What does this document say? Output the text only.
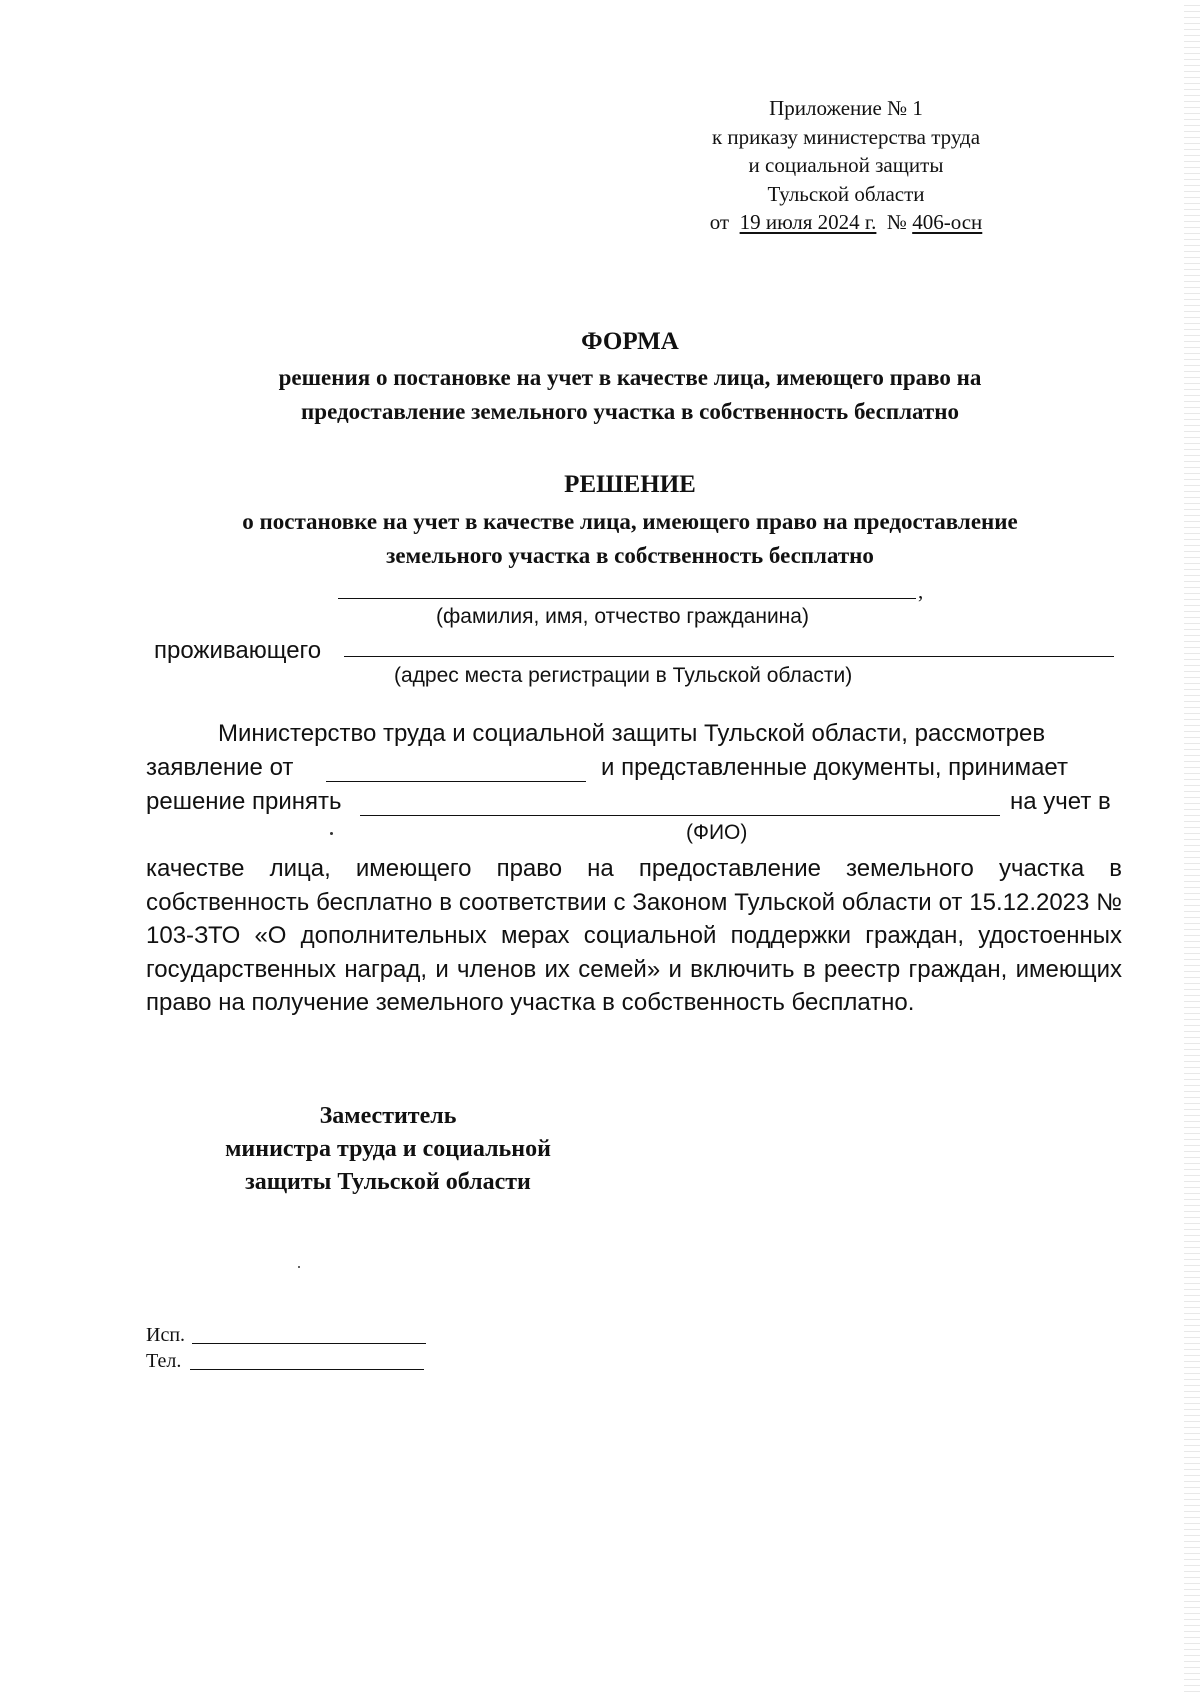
Приложение № 1
к приказу министерства труда
и социальной защиты
Тульской области
от 19 июля 2024 г. № 406-осн
ФОРМА
решения о постановке на учет в качестве лица, имеющего право на
предоставление земельного участка в собственность бесплатно
РЕШЕНИЕ
о постановке на учет в качестве лица, имеющего право на предоставление
земельного участка в собственность бесплатно
,
(фамилия, имя, отчество гражданина)
проживающего
(адрес места регистрации в Тульской области)
Министерство труда и социальной защиты Тульской области, рассмотрев
заявление от	и представленные документы, принимает
решение принять	на учет в
(ФИО)
качестве лица, имеющего право на предоставление земельного участка в собственность бесплатно в соответствии с Законом Тульской области от 15.12.2023 № 103-ЗТО «О дополнительных мерах социальной поддержки граждан, удостоенных государственных наград, и членов их семей» и включить в реестр граждан, имеющих право на получение земельного участка в собственность бесплатно.
Заместитель
министра труда и социальной
защиты Тульской области
Исп.
Тел.
